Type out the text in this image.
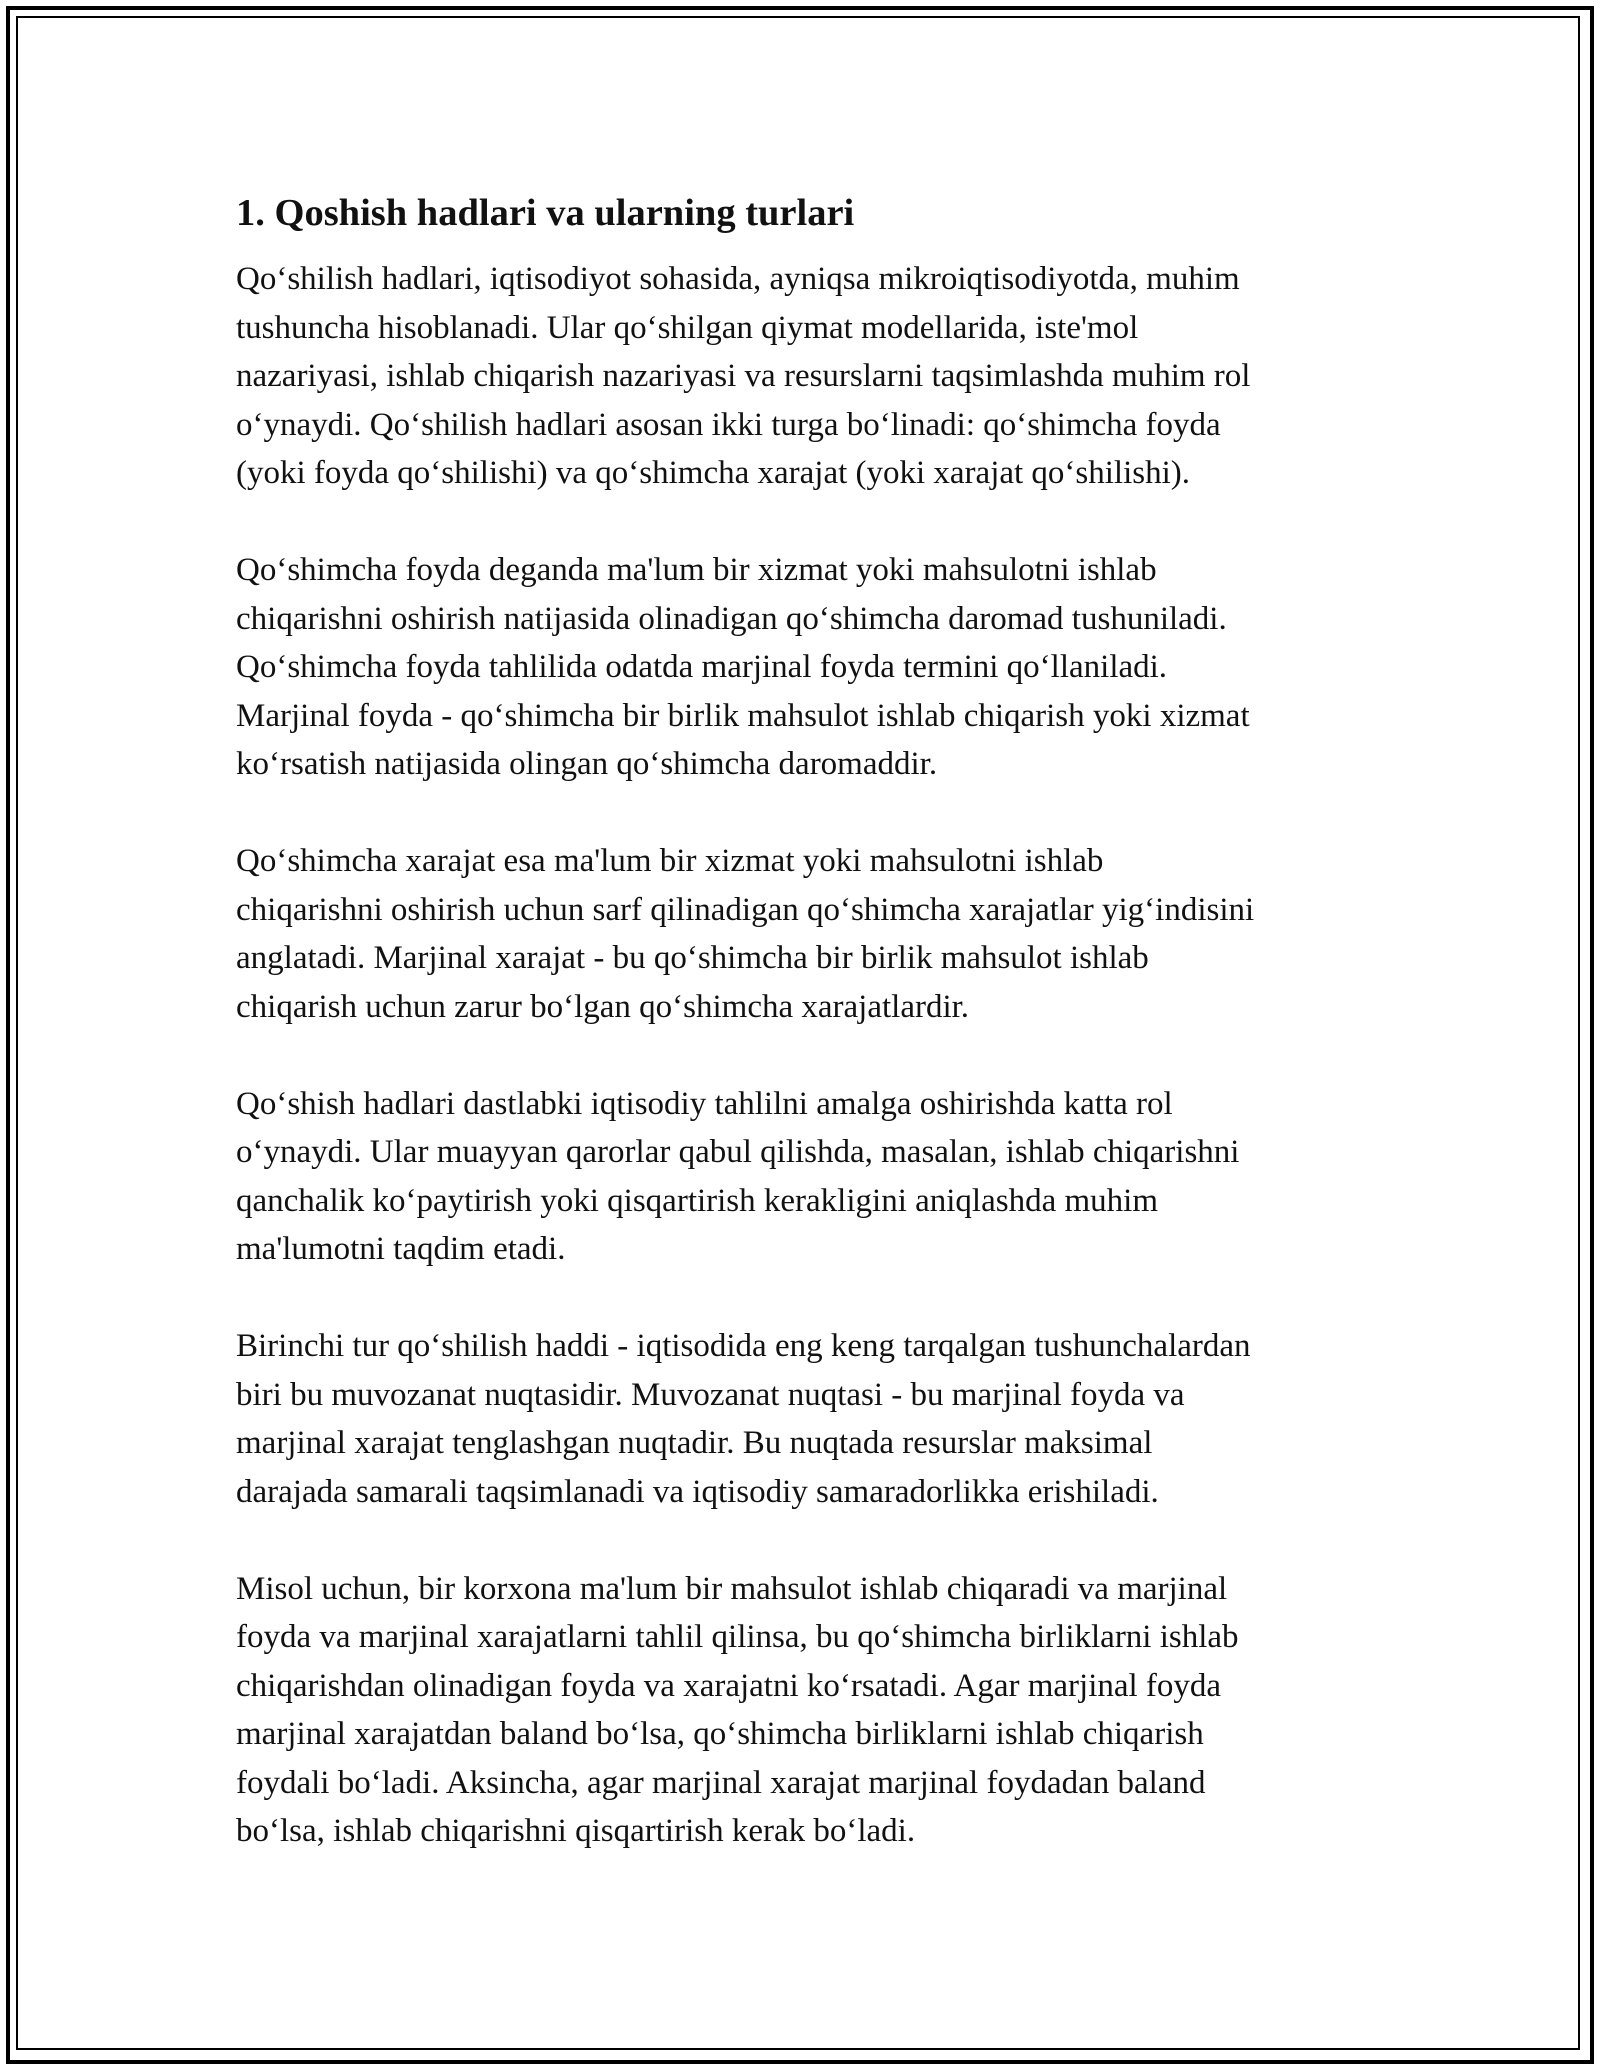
1. Qoshish hadlari va ularning turlari
Qo‘shilish hadlari, iqtisodiyot sohasida, ayniqsa mikroiqtisodiyotda, muhim
tushuncha hisoblanadi. Ular qo‘shilgan qiymat modellarida, iste'mol
nazariyasi, ishlab chiqarish nazariyasi va resurslarni taqsimlashda muhim rol
o‘ynaydi. Qo‘shilish hadlari asosan ikki turga bo‘linadi: qo‘shimcha foyda
(yoki foyda qo‘shilishi) va qo‘shimcha xarajat (yoki xarajat qo‘shilishi).
Qo‘shimcha foyda deganda ma'lum bir xizmat yoki mahsulotni ishlab
chiqarishni oshirish natijasida olinadigan qo‘shimcha daromad tushuniladi.
Qo‘shimcha foyda tahlilida odatda marjinal foyda termini qo‘llaniladi.
Marjinal foyda - qo‘shimcha bir birlik mahsulot ishlab chiqarish yoki xizmat
ko‘rsatish natijasida olingan qo‘shimcha daromaddir.
Qo‘shimcha xarajat esa ma'lum bir xizmat yoki mahsulotni ishlab
chiqarishni oshirish uchun sarf qilinadigan qo‘shimcha xarajatlar yig‘indisini
anglatadi. Marjinal xarajat - bu qo‘shimcha bir birlik mahsulot ishlab
chiqarish uchun zarur bo‘lgan qo‘shimcha xarajatlardir.
Qo‘shish hadlari dastlabki iqtisodiy tahlilni amalga oshirishda katta rol
o‘ynaydi. Ular muayyan qarorlar qabul qilishda, masalan, ishlab chiqarishni
qanchalik ko‘paytirish yoki qisqartirish kerakligini aniqlashda muhim
ma'lumotni taqdim etadi.
Birinchi tur qo‘shilish haddi - iqtisodida eng keng tarqalgan tushunchalardan
biri bu muvozanat nuqtasidir. Muvozanat nuqtasi - bu marjinal foyda va
marjinal xarajat tenglashgan nuqtadir. Bu nuqtada resurslar maksimal
darajada samarali taqsimlanadi va iqtisodiy samaradorlikka erishiladi.
Misol uchun, bir korxona ma'lum bir mahsulot ishlab chiqaradi va marjinal
foyda va marjinal xarajatlarni tahlil qilinsa, bu qo‘shimcha birliklarni ishlab
chiqarishdan olinadigan foyda va xarajatni ko‘rsatadi. Agar marjinal foyda
marjinal xarajatdan baland bo‘lsa, qo‘shimcha birliklarni ishlab chiqarish
foydali bo‘ladi. Aksincha, agar marjinal xarajat marjinal foydadan baland
bo‘lsa, ishlab chiqarishni qisqartirish kerak bo‘ladi.
